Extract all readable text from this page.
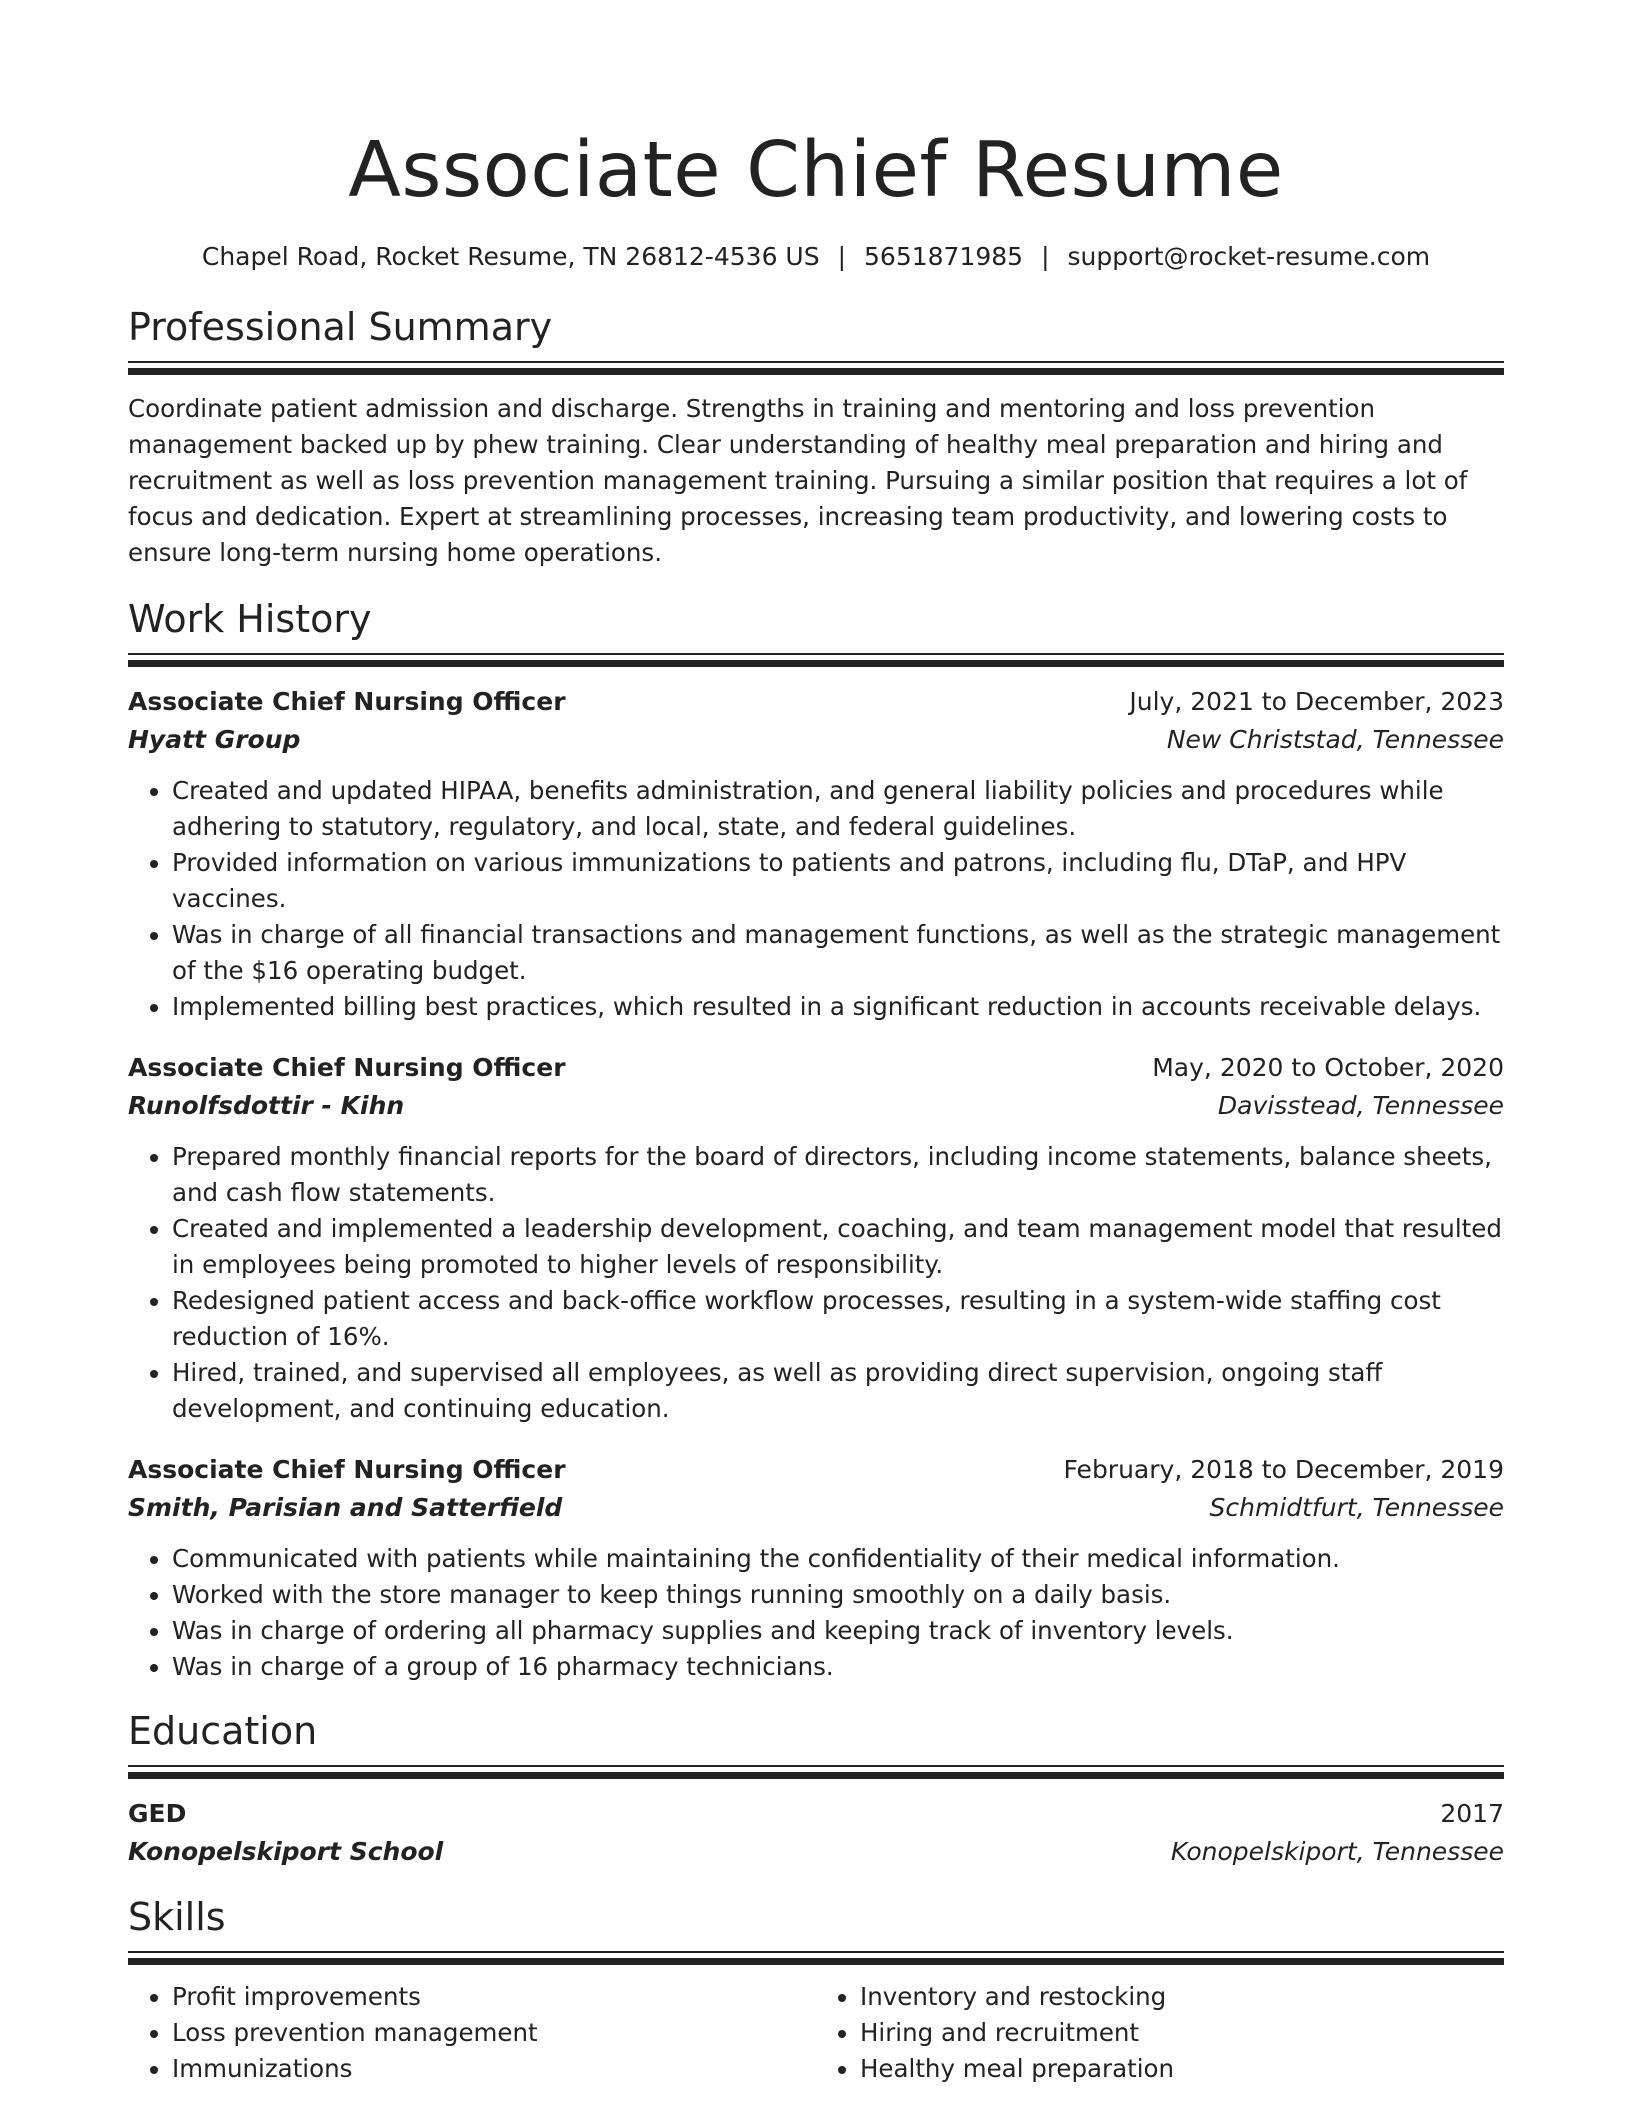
Associate Chief Resume
Chapel Road, Rocket Resume, TN 26812-4536 US | 5651871985 | support@rocket-resume.com
Professional Summary
Coordinate patient admission and discharge. Strengths in training and mentoring and loss prevention management backed up by phew training. Clear understanding of healthy meal preparation and hiring and recruitment as well as loss prevention management training. Pursuing a similar position that requires a lot of focus and dedication. Expert at streamlining processes, increasing team productivity, and lowering costs to ensure long-term nursing home operations.
Work History
Associate Chief Nursing Officer	July, 2021 to December, 2023
Hyatt Group	New Christstad, Tennessee
• Created and updated HIPAA, benefits administration, and general liability policies and procedures while adhering to statutory, regulatory, and local, state, and federal guidelines.
• Provided information on various immunizations to patients and patrons, including flu, DTaP, and HPV vaccines.
• Was in charge of all financial transactions and management functions, as well as the strategic management of the $16 operating budget.
• Implemented billing best practices, which resulted in a significant reduction in accounts receivable delays.
Associate Chief Nursing Officer	May, 2020 to October, 2020
Runolfsdottir - Kihn	Davisstead, Tennessee
• Prepared monthly financial reports for the board of directors, including income statements, balance sheets, and cash flow statements.
• Created and implemented a leadership development, coaching, and team management model that resulted in employees being promoted to higher levels of responsibility.
• Redesigned patient access and back-office workflow processes, resulting in a system-wide staffing cost reduction of 16%.
• Hired, trained, and supervised all employees, as well as providing direct supervision, ongoing staff development, and continuing education.
Associate Chief Nursing Officer	February, 2018 to December, 2019
Smith, Parisian and Satterfield	Schmidtfurt, Tennessee
• Communicated with patients while maintaining the confidentiality of their medical information.
• Worked with the store manager to keep things running smoothly on a daily basis.
• Was in charge of ordering all pharmacy supplies and keeping track of inventory levels.
• Was in charge of a group of 16 pharmacy technicians.
Education
GED	2017
Konopelskiport School	Konopelskiport, Tennessee
Skills
• Profit improvements
• Loss prevention management
• Immunizations
• Inventory and restocking
• Hiring and recruitment
• Healthy meal preparation
